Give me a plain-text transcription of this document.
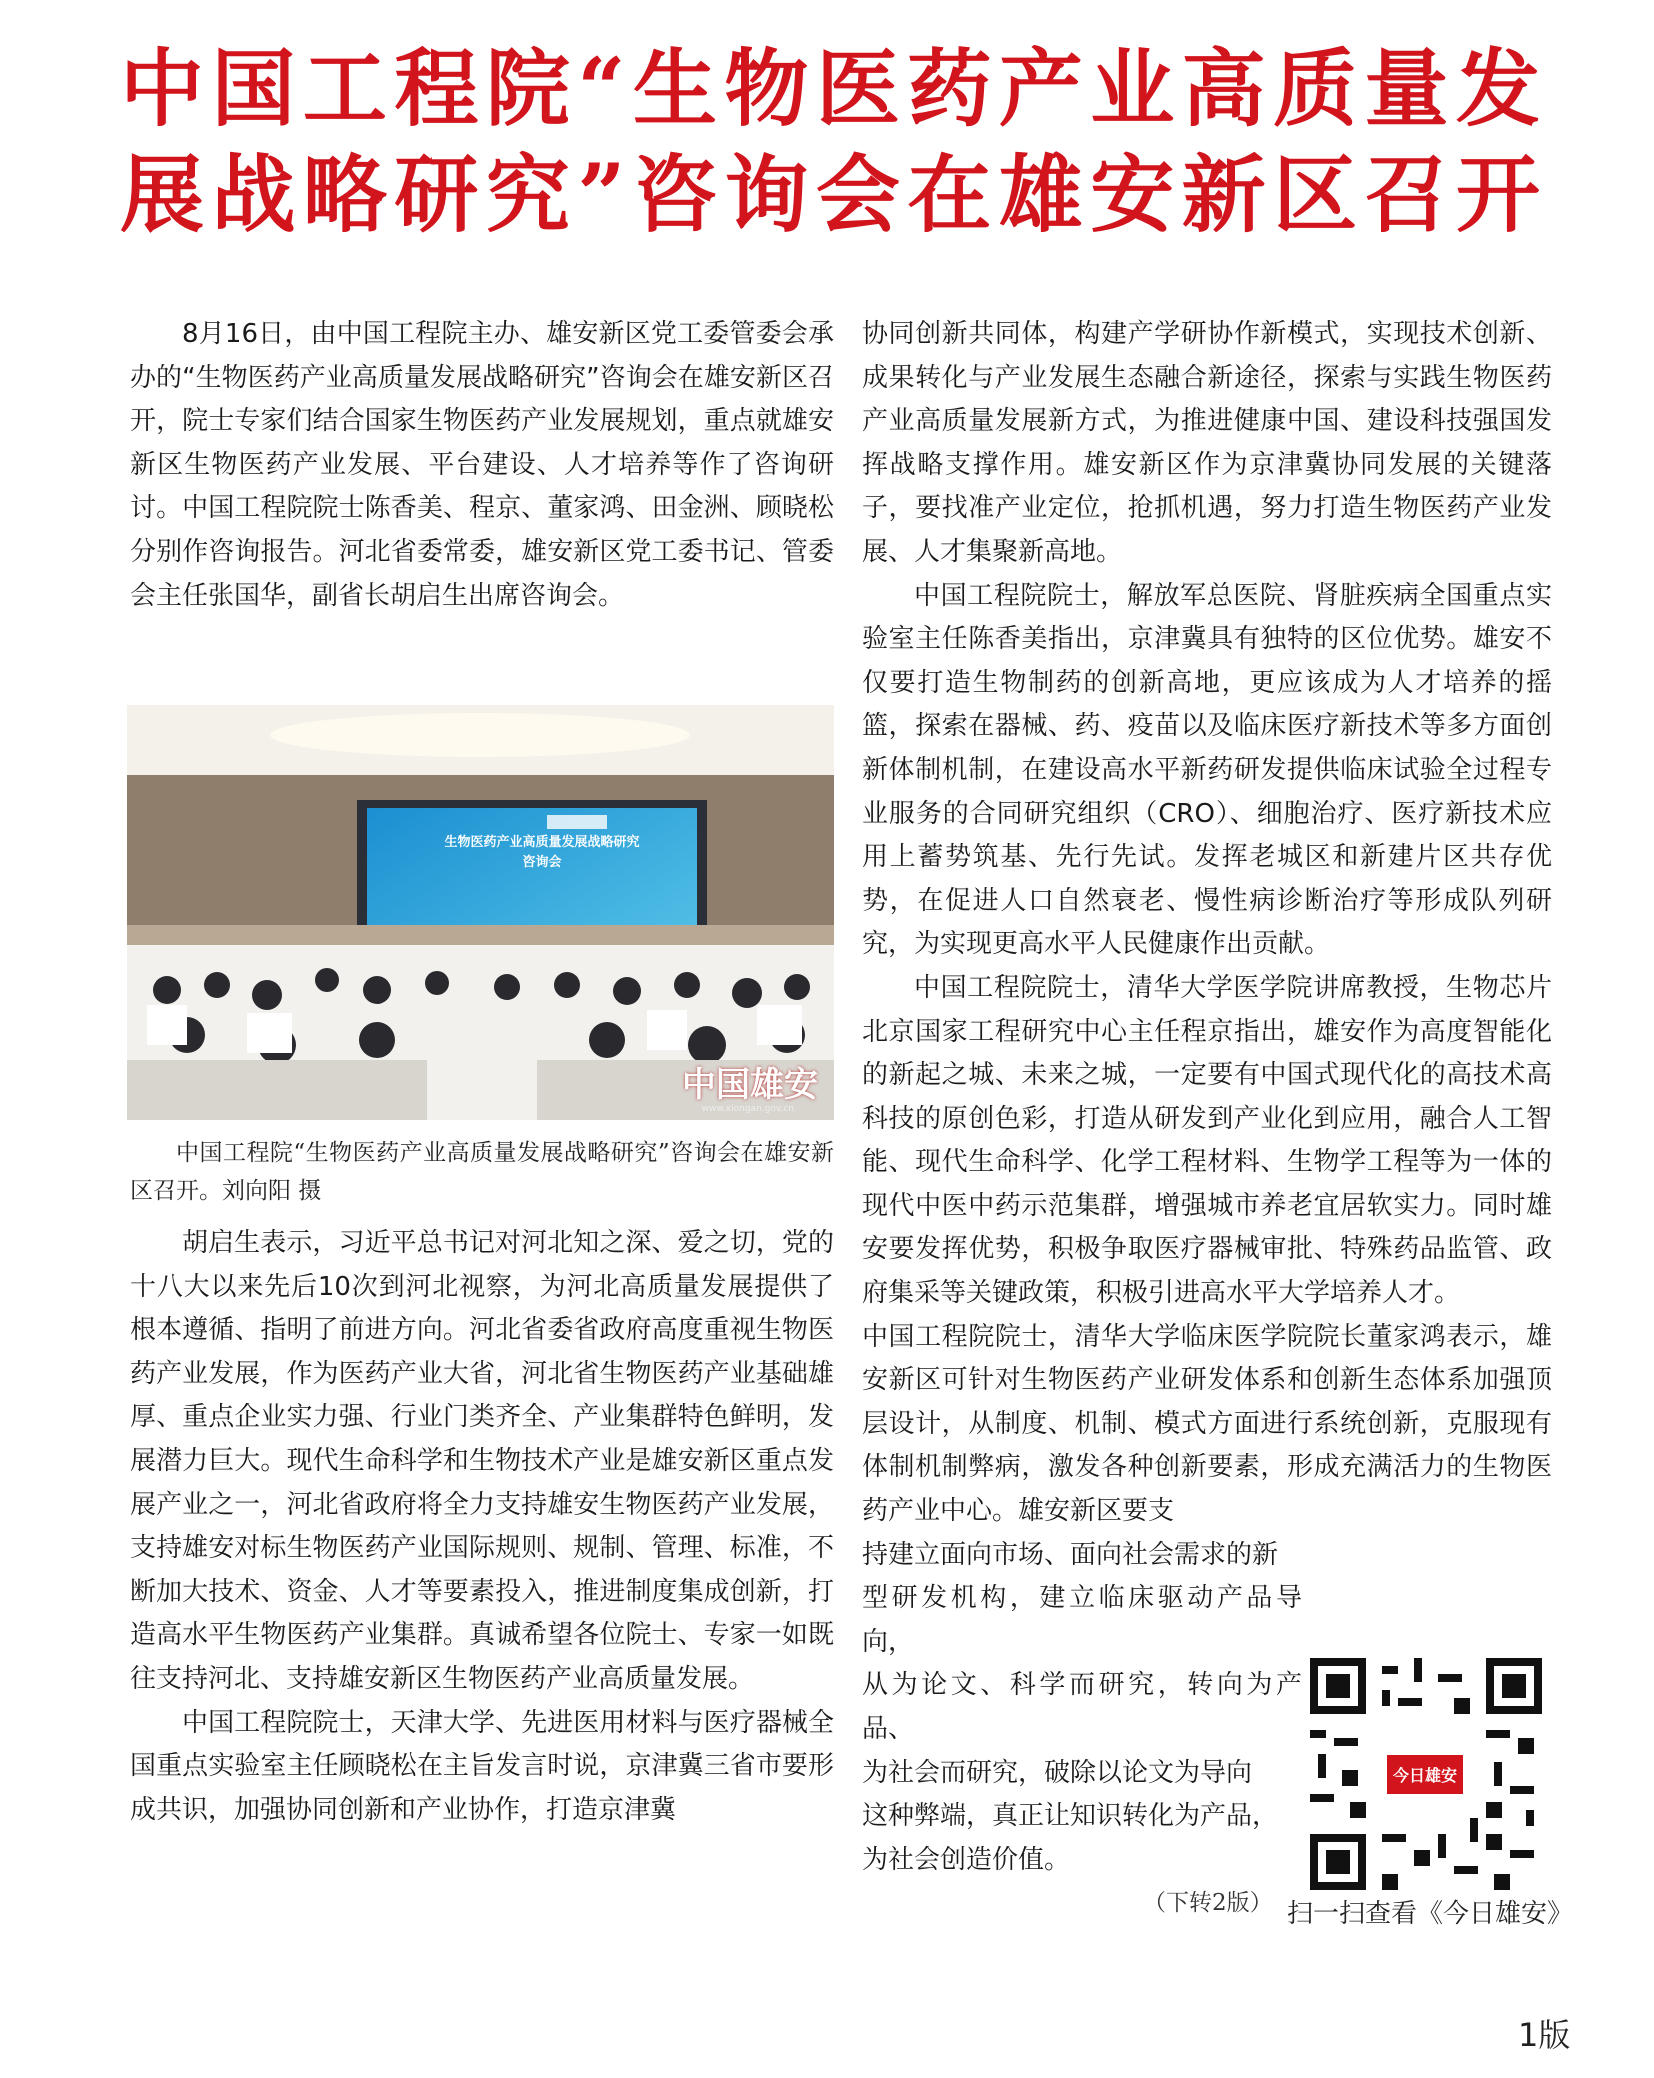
中国工程院“生物医药产业高质量发
展战略研究”咨询会在雄安新区召开

8月16日，由中国工程院主办、雄安新区党工委管委会承办的“生物医药产业高质量发展战略研究”咨询会在雄安新区召开，院士专家们结合国家生物医药产业发展规划，重点就雄安新区生物医药产业发展、平台建设、人才培养等作了咨询研讨。中国工程院院士陈香美、程京、董家鸿、田金洲、顾晓松分别作咨询报告。河北省委常委，雄安新区党工委书记、管委会主任张国华，副省长胡启生出席咨询会。

生物医药产业高质量发展战略研究
咨询会
中国雄安
www.xiongan.gov.cn
中国工程院“生物医药产业高质量发展战略研究”咨询会在雄安新区召开。刘向阳 摄

胡启生表示，习近平总书记对河北知之深、爱之切，党的十八大以来先后10次到河北视察，为河北高质量发展提供了根本遵循、指明了前进方向。河北省委省政府高度重视生物医药产业发展，作为医药产业大省，河北省生物医药产业基础雄厚、重点企业实力强、行业门类齐全、产业集群特色鲜明，发展潜力巨大。现代生命科学和生物技术产业是雄安新区重点发展产业之一，河北省政府将全力支持雄安生物医药产业发展，支持雄安对标生物医药产业国际规则、规制、管理、标准，不断加大技术、资金、人才等要素投入，推进制度集成创新，打造高水平生物医药产业集群。真诚希望各位院士、专家一如既往支持河北、支持雄安新区生物医药产业高质量发展。

中国工程院院士，天津大学、先进医用材料与医疗器械全国重点实验室主任顾晓松在主旨发言时说，京津冀三省市要形成共识，加强协同创新和产业协作，打造京津冀

协同创新共同体，构建产学研协作新模式，实现技术创新、成果转化与产业发展生态融合新途径，探索与实践生物医药产业高质量发展新方式，为推进健康中国、建设科技强国发挥战略支撑作用。雄安新区作为京津冀协同发展的关键落子，要找准产业定位，抢抓机遇，努力打造生物医药产业发展、人才集聚新高地。

中国工程院院士，解放军总医院、肾脏疾病全国重点实验室主任陈香美指出，京津冀具有独特的区位优势。雄安不仅要打造生物制药的创新高地，更应该成为人才培养的摇篮，探索在器械、药、疫苗以及临床医疗新技术等多方面创新体制机制，在建设高水平新药研发提供临床试验全过程专业服务的合同研究组织（CRO）、细胞治疗、医疗新技术应用上蓄势筑基、先行先试。发挥老城区和新建片区共存优势，在促进人口自然衰老、慢性病诊断治疗等形成队列研究，为实现更高水平人民健康作出贡献。

中国工程院院士，清华大学医学院讲席教授，生物芯片北京国家工程研究中心主任程京指出，雄安作为高度智能化的新起之城、未来之城，一定要有中国式现代化的高技术高科技的原创色彩，打造从研发到产业化到应用，融合人工智能、现代生命科学、化学工程材料、生物学工程等为一体的现代中医中药示范集群，增强城市养老宜居软实力。同时雄安要发挥优势，积极争取医疗器械审批、特殊药品监管、政府集采等关键政策，积极引进高水平大学培养人才。

中国工程院院士，清华大学临床医学院院长董家鸿表示，雄安新区可针对生物医药产业研发体系和创新生态体系加强顶层设计，从制度、机制、模式方面进行系统创新，克服现有体制机制弊病，激发各种创新要素，形成充满活力的生物医药产业中心。雄安新区要支

持建立面向市场、面向社会需求的新
型研发机构，建立临床驱动产品导向，
从为论文、科学而研究，转向为产品、
为社会而研究，破除以论文为导向
这种弊端，真正让知识转化为产品，
为社会创造价值。
（下转2版）
今日雄安
扫一扫查看《今日雄安》
1版
